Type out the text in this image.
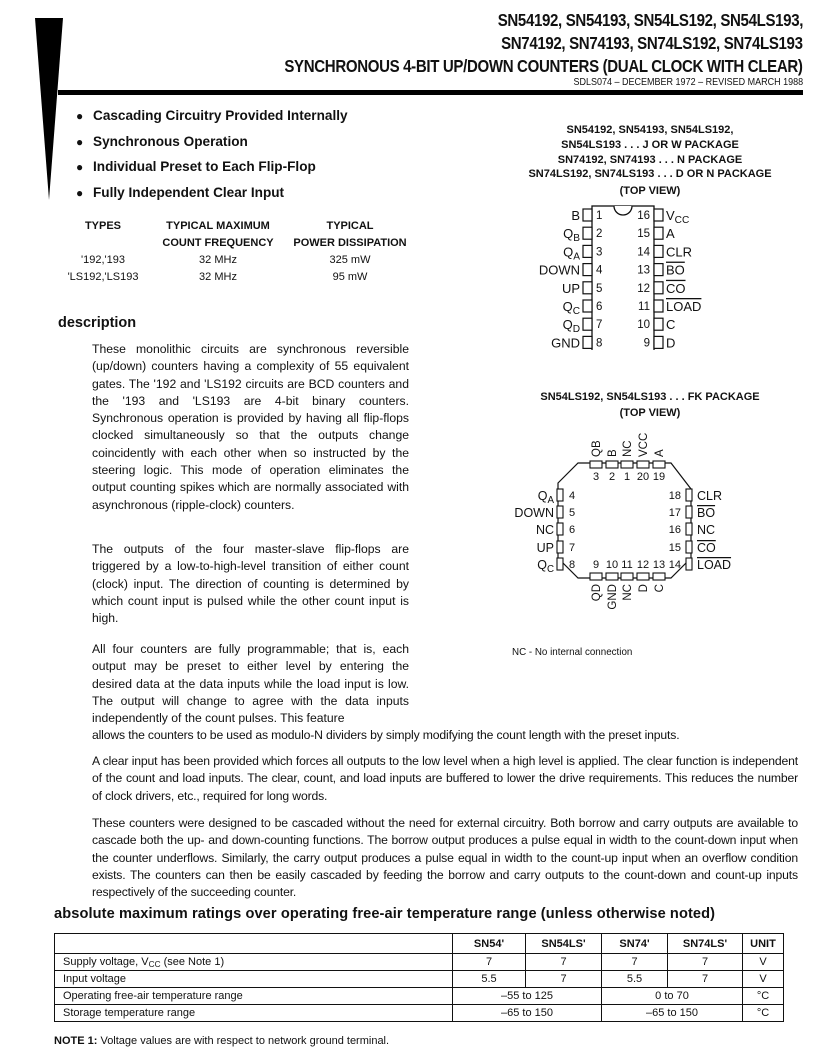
SN54192, SN54193, SN54LS192, SN54LS193,
SN74192, SN74193, SN74LS192, SN74LS193
SYNCHRONOUS 4-BIT UP/DOWN COUNTERS (DUAL CLOCK WITH CLEAR)
SDLS074 – DECEMBER 1972 – REVISED MARCH 1988
● Cascading Circuitry Provided Internally
● Synchronous Operation
● Individual Preset to Each Flip-Flop
● Fully Independent Clear Input
TYPES	TYPICAL MAXIMUM	TYPICAL
	COUNT FREQUENCY	POWER DISSIPATION
'192,'193	32 MHz	325 mW
'LS192,'LS193	32 MHz	95 mW
description
These monolithic circuits are synchronous reversible (up/down) counters having a complexity of 55 equivalent gates. The '192 and 'LS192 circuits are BCD counters and the '193 and 'LS193 are 4-bit binary counters. Synchronous operation is provided by having all flip-flops clocked simultaneously so that the outputs change coincidently with each other when so instructed by the steering logic. This mode of operation eliminates the output counting spikes which are normally associated with asynchronous (ripple-clock) counters.
The outputs of the four master-slave flip-flops are triggered by a low-to-high-level transition of either count (clock) input. The direction of counting is determined by which count input is pulsed while the other count input is high.
All four counters are fully programmable; that is, each output may be preset to either level by entering the desired data at the data inputs while the load input is low. The output will change to agree with the data inputs independently of the count pulses. This feature
allows the counters to be used as modulo-N dividers by simply modifying the count length with the preset inputs.
A clear input has been provided which forces all outputs to the low level when a high level is applied. The clear function is independent of the count and load inputs. The clear, count, and load inputs are buffered to lower the drive requirements. This reduces the number of clock drivers, etc., required for long words.
These counters were designed to be cascaded without the need for external circuitry. Both borrow and carry outputs are available to cascade both the up- and down-counting functions. The borrow output produces a pulse equal in width to the count-down input when the counter underflows. Similarly, the carry output produces a pulse equal in width to the count-up input when an overflow condition exists. The counters can then be easily cascaded by feeding the borrow and carry outputs to the count-down and count-up inputs respectively of the succeeding counter.
SN54192, SN54193, SN54LS192,
SN54LS193 . . . J OR W PACKAGE
SN74192, SN74193 . . . N PACKAGE
SN74LS192, SN74LS193 . . . D OR N PACKAGE
(TOP VIEW)
1
B
2
$Q_B$
3
$Q_A$
4
DOWN
5
UP
6
$Q_C$
7
$Q_D$
8
GND
16 $V_{CC}$
15 A
14 CLR
13 BO
12 CO
11 LOAD
10 C
9 D
SN54LS192, SN54LS193 . . . FK PACKAGE
(TOP VIEW)
3
QB
2
B
1
NC
20
VCC
19
A
9
QD
10
GND
11
NC
12
D
13
C
4
$Q_A$
5
DOWN
6
NC
7
UP
8
$Q_C$
18 CLR
17 BO
16 NC
15 CO
14 LOAD
NC - No internal connection
absolute maximum ratings over operating free-air temperature range (unless otherwise noted)
	SN54'	SN54LS'	SN74'	SN74LS'	UNIT
Supply voltage, $V_{CC}$ (see Note 1)	7	7	7	7	V
Input voltage	5.5	7	5.5	7	V
Operating free-air temperature range	–55 to 125		0 to 70		°C
Storage temperature range	–65 to 150		–65 to 150		°C
NOTE 1: Voltage values are with respect to network ground terminal.
